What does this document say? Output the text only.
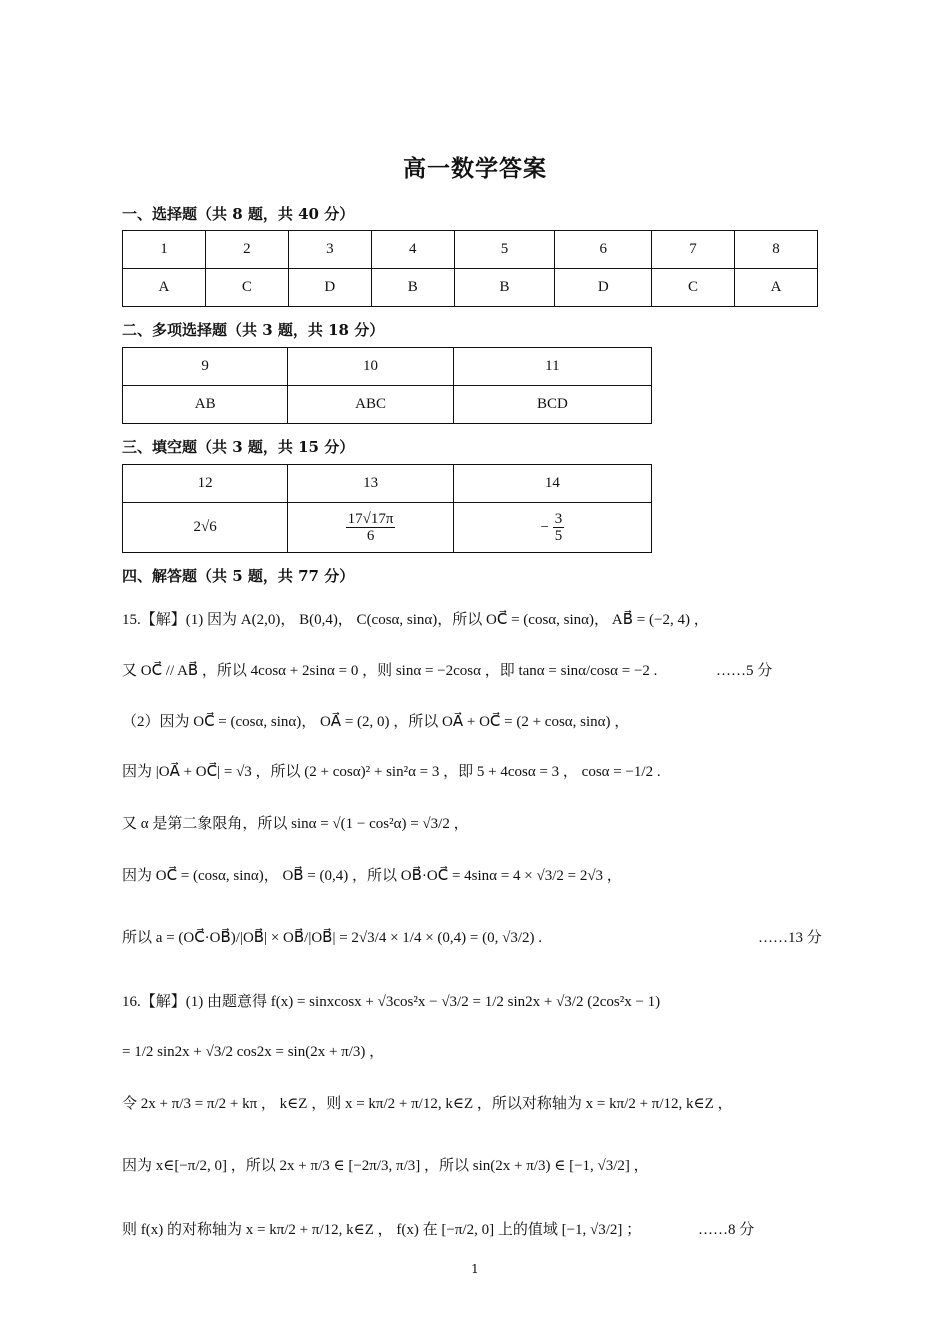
高一数学答案
一、选择题（共 8 题，共 40 分）
1	2	3	4	5	6	7	8
A	C	D	B	B	D	C	A
二、多项选择题（共 3 题，共 18 分）
9	10	11
AB	ABC	BCD
三、填空题（共 3 题，共 15 分）
12	13	14
2√6	$\frac{17√17\pi}{6}$	− $\frac{3}{5}$
四、解答题（共 5 题，共 77 分）
15.【解】(1) 因为 A(2,0)， B(0,4)， C(cosα, sinα)，所以 OC⃗ = (cosα, sinα)， AB⃗ = (−2, 4) ，
又 OC⃗ // AB⃗ ，所以 4cosα + 2sinα = 0 ，则 sinα = −2cosα ，即 tanα = sinα/cosα = −2 .	……5 分
（2）因为 OC⃗ = (cosα, sinα)， OA⃗ = (2, 0) ，所以 OA⃗ + OC⃗ = (2 + cosα, sinα) ，
因为 |OA⃗ + OC⃗| = √3 ，所以 (2 + cosα)² + sin²α = 3 ，即 5 + 4cosα = 3 ， cosα = −1/2 .
又 α 是第二象限角，所以 sinα = √(1 − cos²α) = √3/2 ，
因为 OC⃗ = (cosα, sinα)， OB⃗ = (0,4) ，所以 OB⃗·OC⃗ = 4sinα = 4 × √3/2 = 2√3 ，
所以 a = (OC⃗·OB⃗)/|OB⃗| × OB⃗/|OB⃗| = 2√3/4 × 1/4 × (0,4) = (0, √3/2) .	……13 分
16.【解】(1) 由题意得 f(x) = sinxcosx + √3cos²x − √3/2 = 1/2 sin2x + √3/2 (2cos²x − 1)
= 1/2 sin2x + √3/2 cos2x = sin(2x + π/3) ，
令 2x + π/3 = π/2 + kπ ， k∈Z ，则 x = kπ/2 + π/12, k∈Z ，所以对称轴为 x = kπ/2 + π/12, k∈Z ，
因为 x∈[−π/2, 0] ，所以 2x + π/3 ∈ [−2π/3, π/3] ，所以 sin(2x + π/3) ∈ [−1, √3/2] ，
则 f(x) 的对称轴为 x = kπ/2 + π/12, k∈Z ， f(x) 在 [−π/2, 0] 上的值域 [−1, √3/2] ；	……8 分
1
